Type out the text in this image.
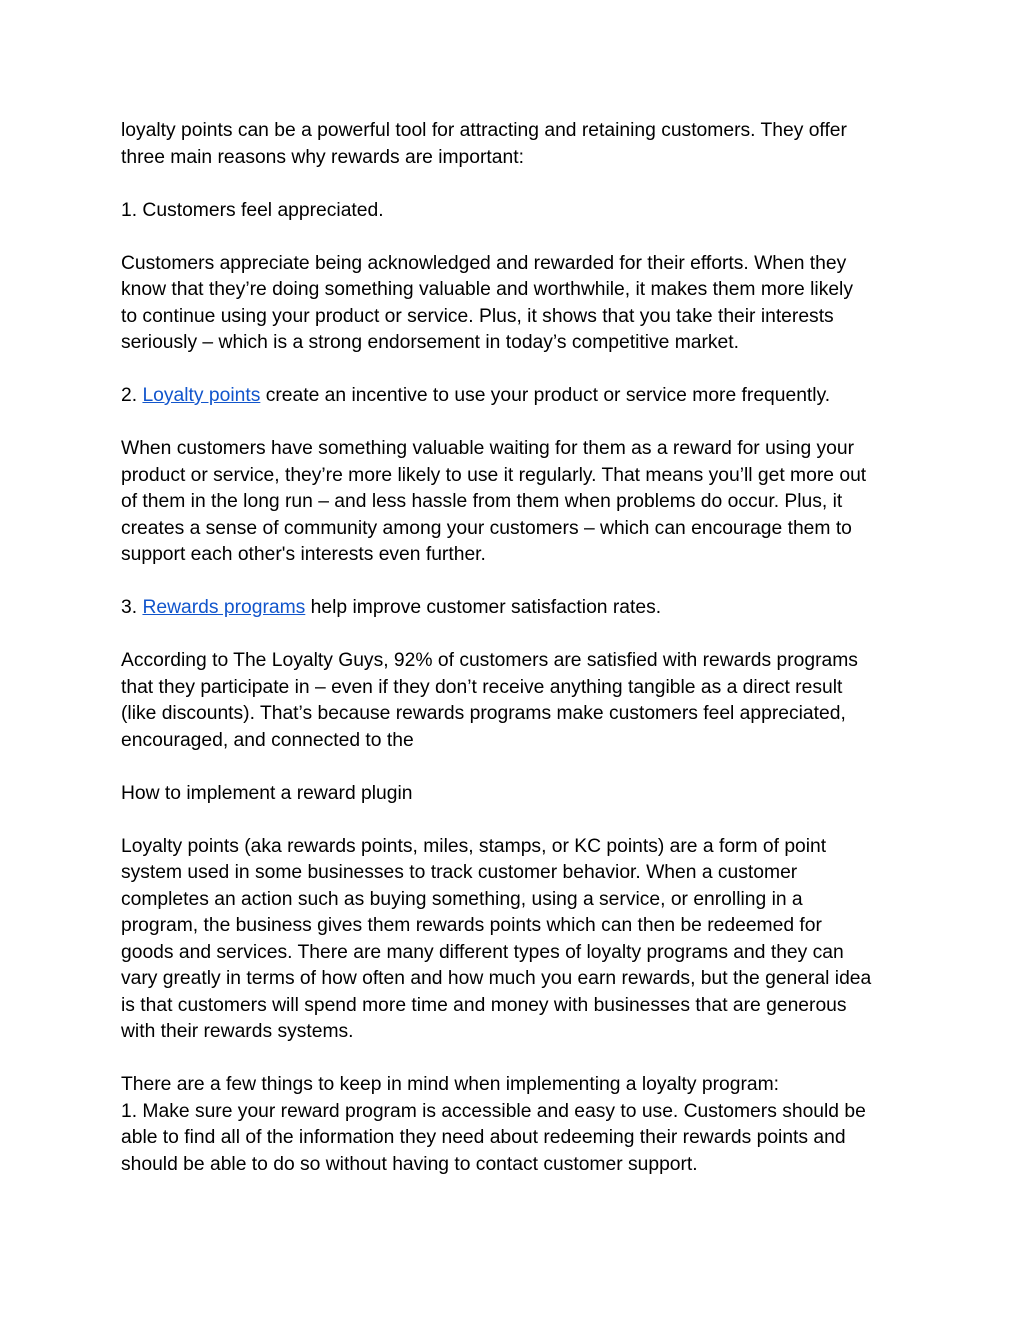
loyalty points can be a powerful tool for attracting and retaining customers. They offer
three main reasons why rewards are important:

1. Customers feel appreciated.

Customers appreciate being acknowledged and rewarded for their efforts. When they
know that they’re doing something valuable and worthwhile, it makes them more likely
to continue using your product or service. Plus, it shows that you take their interests
seriously – which is a strong endorsement in today’s competitive market.

2. Loyalty points create an incentive to use your product or service more frequently.

When customers have something valuable waiting for them as a reward for using your
product or service, they’re more likely to use it regularly. That means you’ll get more out
of them in the long run – and less hassle from them when problems do occur. Plus, it
creates a sense of community among your customers – which can encourage them to
support each other's interests even further.

3. Rewards programs help improve customer satisfaction rates.

According to The Loyalty Guys, 92% of customers are satisfied with rewards programs
that they participate in – even if they don’t receive anything tangible as a direct result
(like discounts). That’s because rewards programs make customers feel appreciated,
encouraged, and connected to the

How to implement a reward plugin

Loyalty points (aka rewards points, miles, stamps, or KC points) are a form of point
system used in some businesses to track customer behavior. When a customer
completes an action such as buying something, using a service, or enrolling in a
program, the business gives them rewards points which can then be redeemed for
goods and services. There are many different types of loyalty programs and they can
vary greatly in terms of how often and how much you earn rewards, but the general idea
is that customers will spend more time and money with businesses that are generous
with their rewards systems.

There are a few things to keep in mind when implementing a loyalty program:
1. Make sure your reward program is accessible and easy to use. Customers should be
able to find all of the information they need about redeeming their rewards points and
should be able to do so without having to contact customer support.
